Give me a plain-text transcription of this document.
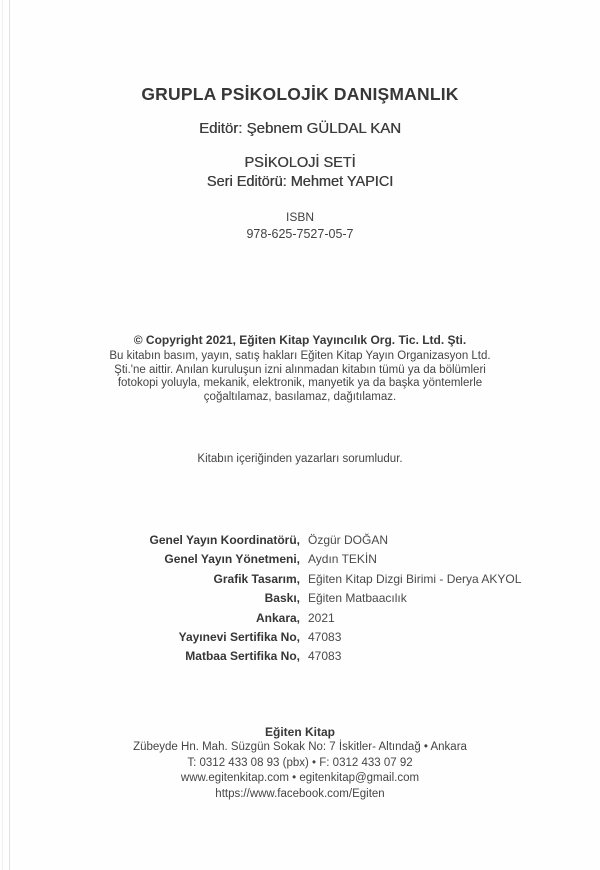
GRUPLA PSİKOLOJİK DANIŞMANLIK
Editör: Şebnem GÜLDAL KAN
PSİKOLOJİ SETİ
Seri Editörü: Mehmet YAPICI
ISBN
978-625-7527-05-7
© Copyright 2021, Eğiten Kitap Yayıncılık Org. Tic. Ltd. Şti.
Bu kitabın basım, yayın, satış hakları Eğiten Kitap Yayın Organizasyon Ltd.
Şti.'ne aittir. Anılan kuruluşun izni alınmadan kitabın tümü ya da bölümleri
fotokopi yoluyla, mekanik, elektronik, manyetik ya da başka yöntemlerle
çoğaltılamaz, basılamaz, dağıtılamaz.
Kitabın içeriğinden yazarları sorumludur.
Genel Yayın Koordinatörü, Özgür DOĞAN
Genel Yayın Yönetmeni, Aydın TEKİN
Grafik Tasarım, Eğiten Kitap Dizgi Birimi - Derya AKYOL
Baskı, Eğiten Matbaacılık
Ankara, 2021
Yayınevi Sertifika No, 47083
Matbaa Sertifika No, 47083
Eğiten Kitap
Zübeyde Hn. Mah. Süzgün Sokak No: 7 İskitler- Altındağ • Ankara
T: 0312 433 08 93 (pbx) • F: 0312 433 07 92
www.egitenkitap.com • egitenkitap@gmail.com
https://www.facebook.com/Egiten
